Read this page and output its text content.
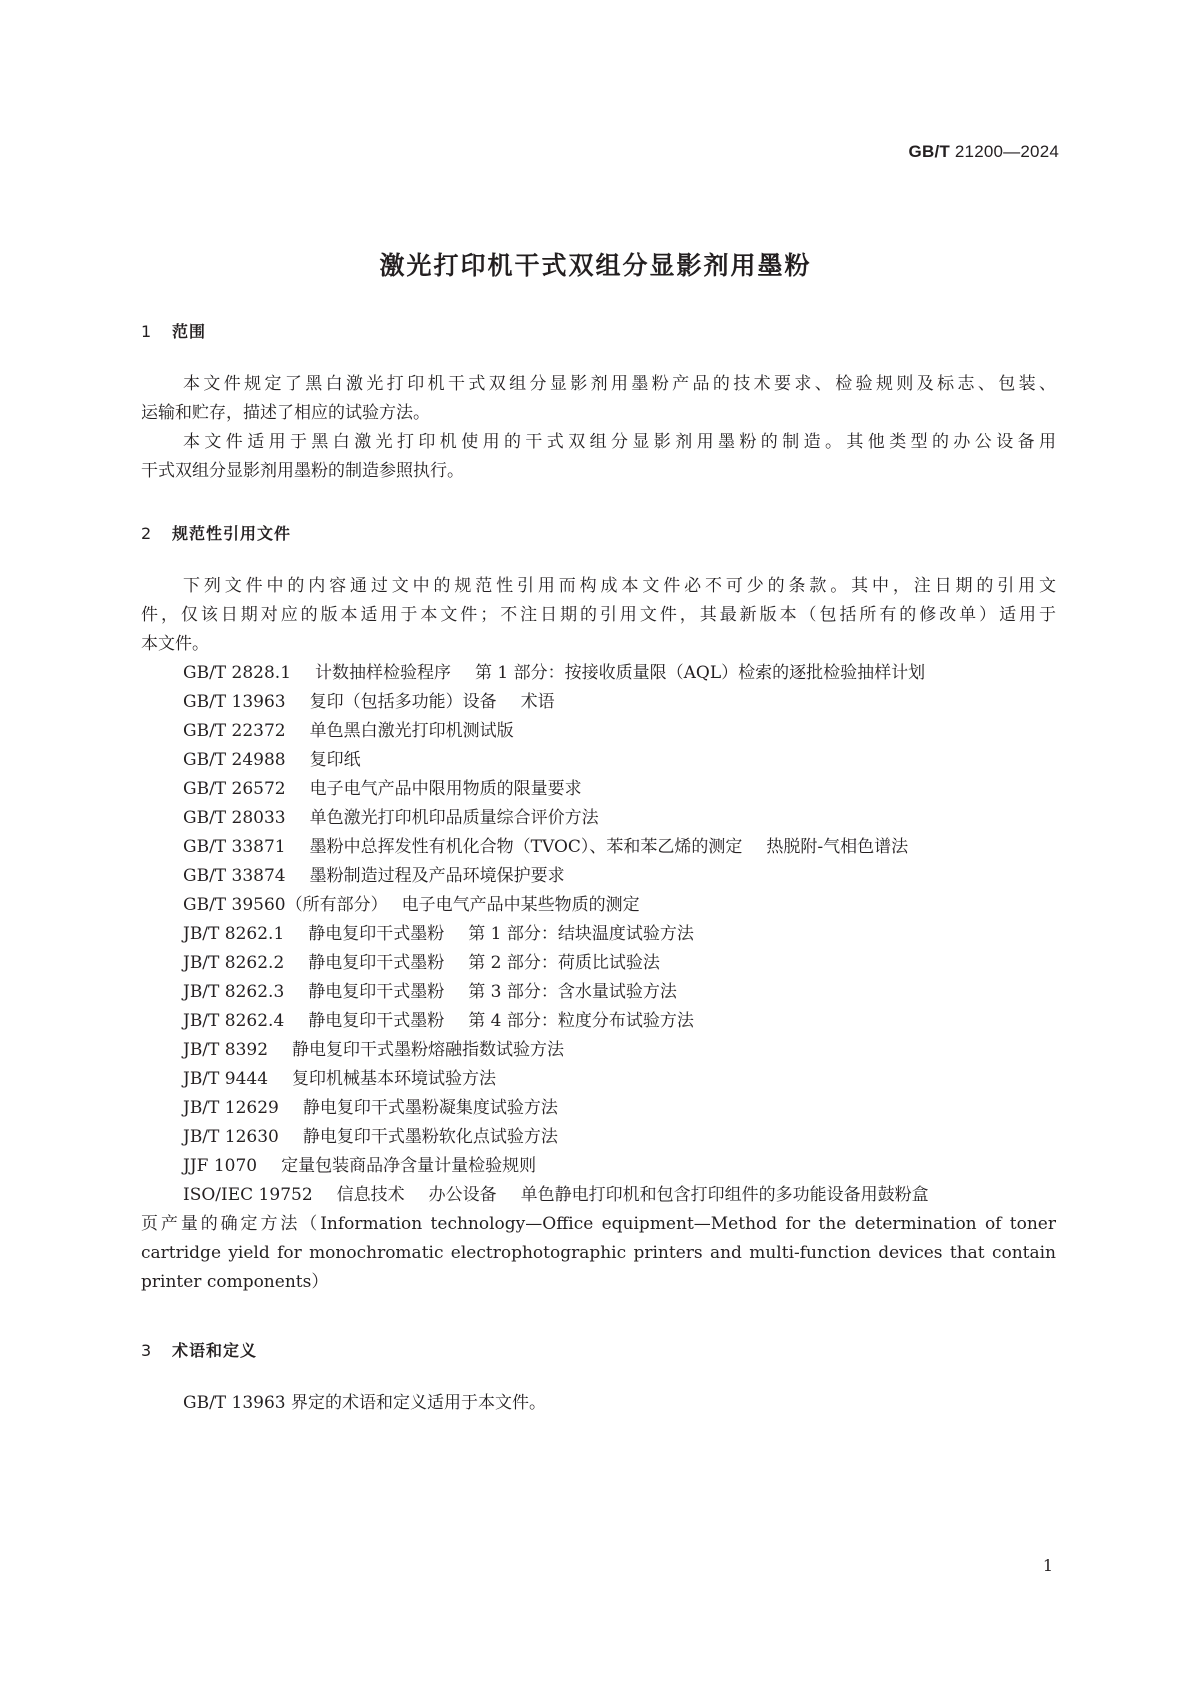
GB/T 21200—2024
激光打印机干式双组分显影剂用墨粉
1 范围
本文件规定了黑白激光打印机干式双组分显影剂用墨粉产品的技术要求、检验规则及标志、包装、
运输和贮存，描述了相应的试验方法。
本文件适用于黑白激光打印机使用的干式双组分显影剂用墨粉的制造。其他类型的办公设备用
干式双组分显影剂用墨粉的制造参照执行。
2 规范性引用文件
下列文件中的内容通过文中的规范性引用而构成本文件必不可少的条款。其中，注日期的引用文
件，仅该日期对应的版本适用于本文件；不注日期的引用文件，其最新版本（包括所有的修改单）适用于
本文件。
GB/T 2828.1 计数抽样检验程序 第 1 部分：按接收质量限（AQL）检索的逐批检验抽样计划
GB/T 13963 复印（包括多功能）设备 术语
GB/T 22372 单色黑白激光打印机测试版
GB/T 24988 复印纸
GB/T 26572 电子电气产品中限用物质的限量要求
GB/T 28033 单色激光打印机印品质量综合评价方法
GB/T 33871 墨粉中总挥发性有机化合物（TVOC）、苯和苯乙烯的测定 热脱附-气相色谱法
GB/T 33874 墨粉制造过程及产品环境保护要求
GB/T 39560（所有部分） 电子电气产品中某些物质的测定
JB/T 8262.1 静电复印干式墨粉 第 1 部分：结块温度试验方法
JB/T 8262.2 静电复印干式墨粉 第 2 部分：荷质比试验法
JB/T 8262.3 静电复印干式墨粉 第 3 部分：含水量试验方法
JB/T 8262.4 静电复印干式墨粉 第 4 部分：粒度分布试验方法
JB/T 8392 静电复印干式墨粉熔融指数试验方法
JB/T 9444 复印机械基本环境试验方法
JB/T 12629 静电复印干式墨粉凝集度试验方法
JB/T 12630 静电复印干式墨粉软化点试验方法
JJF 1070 定量包装商品净含量计量检验规则
ISO/IEC 19752 信息技术 办公设备 单色静电打印机和包含打印组件的多功能设备用鼓粉盒
页产量的确定方法（Information technology—Office equipment—Method for the determination of toner
cartridge yield for monochromatic electrophotographic printers and multi‑function devices that contain
printer components）
3 术语和定义
GB/T 13963 界定的术语和定义适用于本文件。
1
